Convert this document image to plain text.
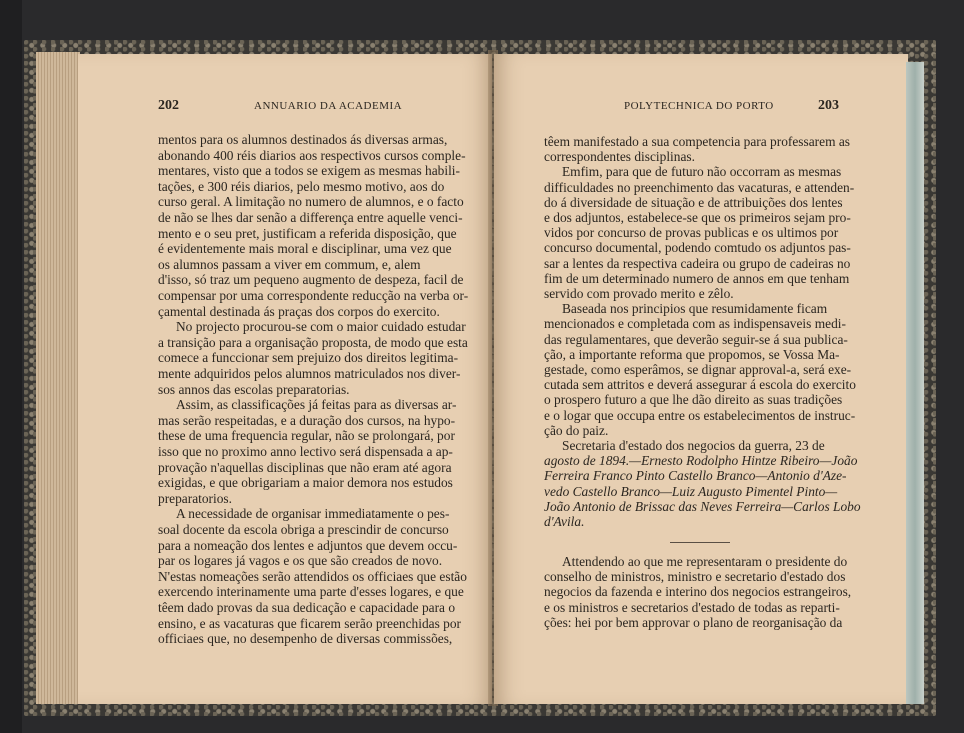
202	ANNUARIO DA ACADEMIA
mentos para os alumnos destinados ás diversas armas,
abonando 400 réis diarios aos respectivos cursos comple-
mentares, visto que a todos se exigem as mesmas habili-
tações, e 300 réis diarios, pelo mesmo motivo, aos do
curso geral. A limitação no numero de alumnos, e o facto
de não se lhes dar senão a differença entre aquelle venci-
mento e o seu pret, justificam a referida disposição, que
é evidentemente mais moral e disciplinar, uma vez que
os alumnos passam a viver em commum, e, alem
d'isso, só traz um pequeno augmento de despeza, facil de
compensar por uma correspondente reducção na verba or-
çamental destinada ás praças dos corpos do exercito.
No projecto procurou-se com o maior cuidado estudar
a transição para a organisação proposta, de modo que esta
comece a funccionar sem prejuizo dos direitos legitima-
mente adquiridos pelos alumnos matriculados nos diver-
sos annos das escolas preparatorias.
Assim, as classificações já feitas para as diversas ar-
mas serão respeitadas, e a duração dos cursos, na hypo-
these de uma frequencia regular, não se prolongará, por
isso que no proximo anno lectivo será dispensada a ap-
provação n'aquellas disciplinas que não eram até agora
exigidas, e que obrigariam a maior demora nos estudos
preparatorios.
A necessidade de organisar immediatamente o pes-
soal docente da escola obriga a prescindir de concurso
para a nomeação dos lentes e adjuntos que devem occu-
par os logares já vagos e os que são creados de novo.
N'estas nomeações serão attendidos os officiaes que estão
exercendo interinamente uma parte d'esses logares, e que
têem dado provas da sua dedicação e capacidade para o
ensino, e as vacaturas que ficarem serão preenchidas por
officiaes que, no desempenho de diversas commissões,
POLYTECHNICA DO PORTO	203
têem manifestado a sua competencia para professarem as
correspondentes disciplinas.
Emfim, para que de futuro não occorram as mesmas
difficuldades no preenchimento das vacaturas, e attenden-
do á diversidade de situação e de attribuições dos lentes
e dos adjuntos, estabelece-se que os primeiros sejam pro-
vidos por concurso de provas publicas e os ultimos por
concurso documental, podendo comtudo os adjuntos pas-
sar a lentes da respectiva cadeira ou grupo de cadeiras no
fim de um determinado numero de annos em que tenham
servido com provado merito e zêlo.
Baseada nos principios que resumidamente ficam
mencionados e completada com as indispensaveis medi-
das regulamentares, que deverão seguir-se á sua publica-
ção, a importante reforma que propomos, se Vossa Ma-
gestade, como esperâmos, se dignar approval-a, será exe-
cutada sem attritos e deverá assegurar á escola do exercito
o prospero futuro a que lhe dão direito as suas tradições
e o logar que occupa entre os estabelecimentos de instruc-
ção do paiz.
Secretaria d'estado dos negocios da guerra, 23 de
agosto de 1894.—Ernesto Rodolpho Hintze Ribeiro—João
Ferreira Franco Pinto Castello Branco—Antonio d'Aze-
vedo Castello Branco—Luiz Augusto Pimentel Pinto—
João Antonio de Brissac das Neves Ferreira—Carlos Lobo
d'Avila.
Attendendo ao que me representaram o presidente do
conselho de ministros, ministro e secretario d'estado dos
negocios da fazenda e interino dos negocios estrangeiros,
e os ministros e secretarios d'estado de todas as reparti-
ções: hei por bem approvar o plano de reorganisação da
